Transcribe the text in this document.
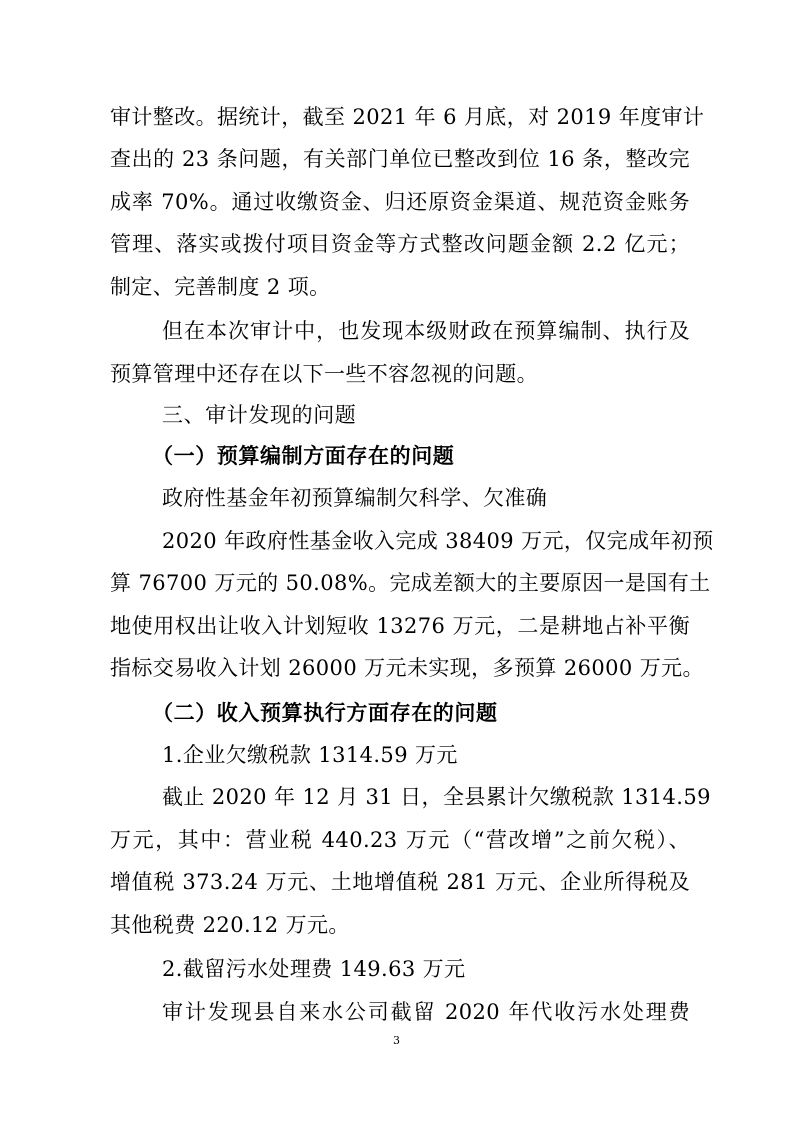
审计整改。据统计，截至 2021 年 6 月底，对 2019 年度审计
查出的 23 条问题，有关部门单位已整改到位 16 条，整改完
成率 70%。通过收缴资金、归还原资金渠道、规范资金账务
管理、落实或拨付项目资金等方式整改问题金额 2.2 亿元；
制定、完善制度 2 项。
但在本次审计中，也发现本级财政在预算编制、执行及
预算管理中还存在以下一些不容忽视的问题。
三、审计发现的问题
（一）预算编制方面存在的问题
政府性基金年初预算编制欠科学、欠准确
2020 年政府性基金收入完成 38409 万元，仅完成年初预
算 76700 万元的 50.08%。完成差额大的主要原因一是国有土
地使用权出让收入计划短收 13276 万元，二是耕地占补平衡
指标交易收入计划 26000 万元未实现，多预算 26000 万元。
（二）收入预算执行方面存在的问题
1.企业欠缴税款 1314.59 万元
截止 2020 年 12 月 31 日，全县累计欠缴税款 1314.59
万元，其中：营业税 440.23 万元（“营改增”之前欠税）、
增值税 373.24 万元、土地增值税 281 万元、企业所得税及
其他税费 220.12 万元。
2.截留污水处理费 149.63 万元
审计发现县自来水公司截留 2020 年代收污水处理费
3
